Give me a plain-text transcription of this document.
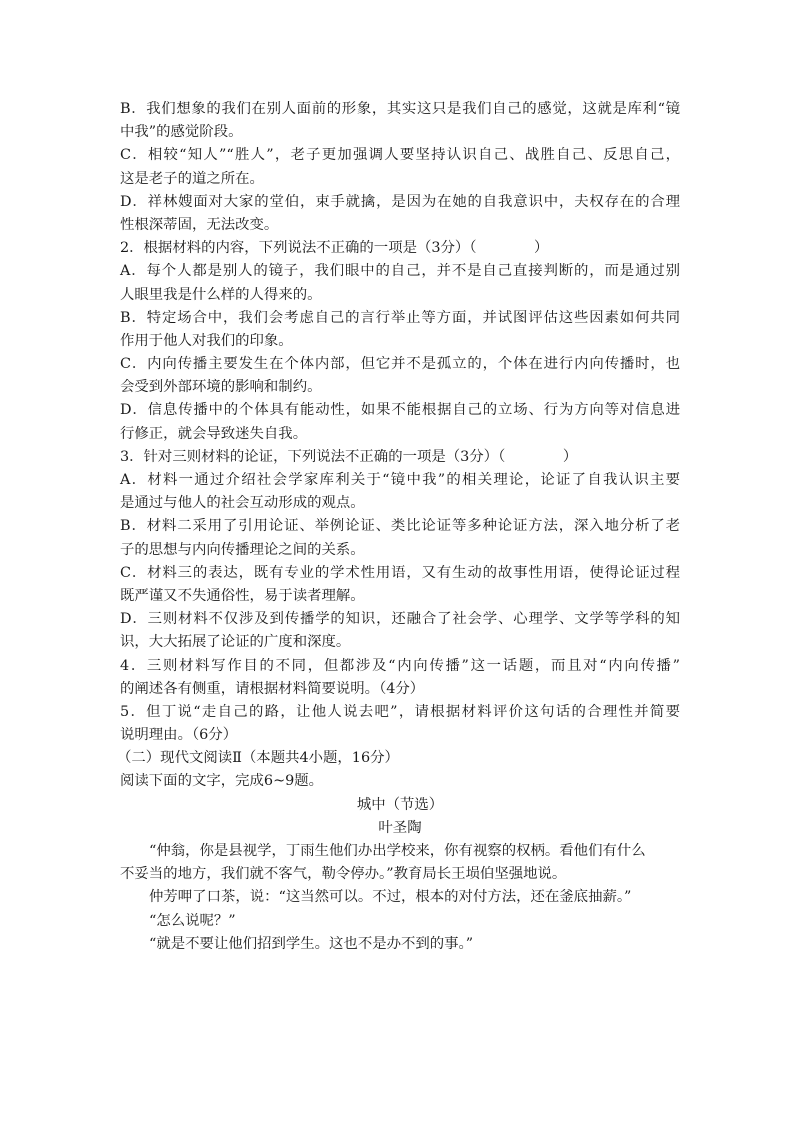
B．我们想象的我们在别人面前的形象，其实这只是我们自己的感觉，这就是库利“镜
中我”的感觉阶段。
C．相较“知人”“胜人”，老子更加强调人要坚持认识自己、战胜自己、反思自己，
这是老子的道之所在。
D．祥林嫂面对大家的堂伯，束手就擒，是因为在她的自我意识中，夫权存在的合理
性根深蒂固，无法改变。
2．根据材料的内容，下列说法不正确的一项是（3分）（　　　　）
A．每个人都是别人的镜子，我们眼中的自己，并不是自己直接判断的，而是通过别
人眼里我是什么样的人得来的。
B．特定场合中，我们会考虑自己的言行举止等方面，并试图评估这些因素如何共同
作用于他人对我们的印象。
C．内向传播主要发生在个体内部，但它并不是孤立的，个体在进行内向传播时，也
会受到外部环境的影响和制约。
D．信息传播中的个体具有能动性，如果不能根据自己的立场、行为方向等对信息进
行修正，就会导致迷失自我。
3．针对三则材料的论证，下列说法不正确的一项是（3分）（　　　　）
A．材料一通过介绍社会学家库利关于“镜中我”的相关理论，论证了自我认识主要
是通过与他人的社会互动形成的观点。
B．材料二采用了引用论证、举例论证、类比论证等多种论证方法，深入地分析了老
子的思想与内向传播理论之间的关系。
C．材料三的表达，既有专业的学术性用语，又有生动的故事性用语，使得论证过程
既严谨又不失通俗性，易于读者理解。
D．三则材料不仅涉及到传播学的知识，还融合了社会学、心理学、文学等学科的知
识，大大拓展了论证的广度和深度。
4．三则材料写作目的不同，但都涉及“内向传播”这一话题，而且对“内向传播”
的阐述各有侧重，请根据材料简要说明。（4分）
5．但丁说“走自己的路，让他人说去吧”，请根据材料评价这句话的合理性并简要
说明理由。（6分）
（二）现代文阅读Ⅱ（本题共4小题，16分）
阅读下面的文字，完成6~9题。
城中（节选）
叶圣陶
“仲翁，你是县视学，丁雨生他们办出学校来，你有视察的权柄。看他们有什么
不妥当的地方，我们就不客气，勒令停办。”教育局长王埙伯坚强地说。
仲芳呷了口茶，说：“这当然可以。不过，根本的对付方法，还在釜底抽薪。”
“怎么说呢？”
“就是不要让他们招到学生。这也不是办不到的事。”
